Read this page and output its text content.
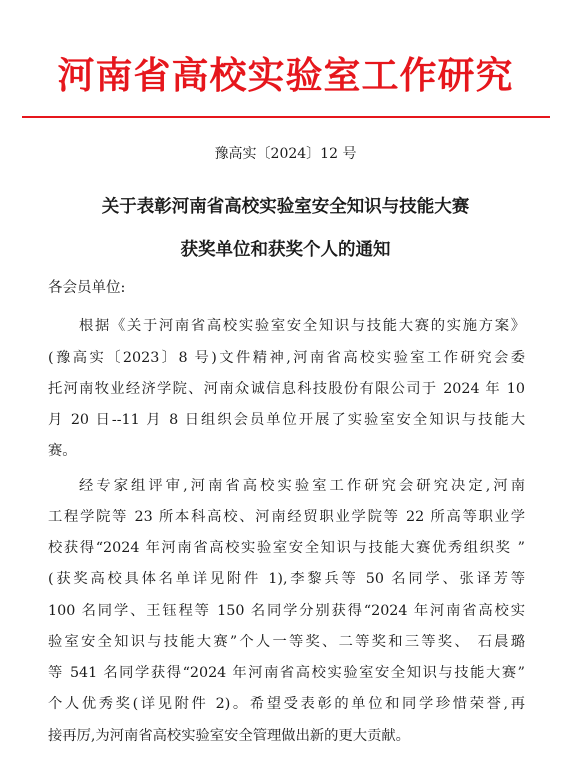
河南省高校实验室工作研究
豫高实〔2024〕12 号
关于表彰河南省高校实验室安全知识与技能大赛
获奖单位和获奖个人的通知
各会员单位:
根据《关于河南省高校实验室安全知识与技能大赛的实施方案》
(豫高实〔2023〕8 号)文件精神,河南省高校实验室工作研究会委
托河南牧业经济学院、河南众诚信息科技股份有限公司于 2024 年 10
月 20 日--11 月 8 日组织会员单位开展了实验室安全知识与技能大
赛。
经专家组评审,河南省高校实验室工作研究会研究决定,河南
工程学院等 23 所本科高校、河南经贸职业学院等 22 所高等职业学
校获得“2024 年河南省高校实验室安全知识与技能大赛优秀组织奖 ”
(获奖高校具体名单详见附件 1),李黎兵等 50 名同学、张译芳等
100 名同学、王钰程等 150 名同学分别获得“2024 年河南省高校实
验室安全知识与技能大赛”个人一等奖、二等奖和三等奖、 石晨璐
等 541 名同学获得“2024 年河南省高校实验室安全知识与技能大赛”
个人优秀奖(详见附件 2)。希望受表彰的单位和同学珍惜荣誉,再
接再厉,为河南省高校实验室安全管理做出新的更大贡献。
